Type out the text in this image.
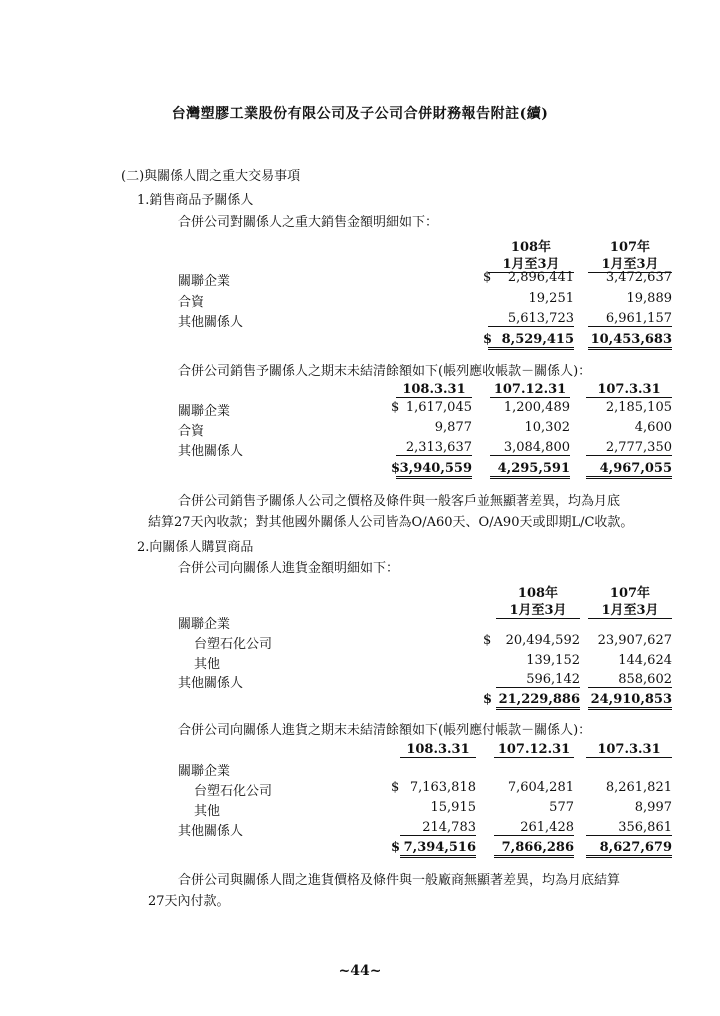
台灣塑膠工業股份有限公司及子公司合併財務報告附註(續)
(二)與關係人間之重大交易事項
1.銷售商品予關係人
合併公司對關係人之重大銷售金額明細如下：
108年	107年
1月至3月	1月至3月
關聯企業	$	2,896,441	3,472,637
合資	19,251	19,889
其他關係人	5,613,723	6,961,157
$ 8,529,415 10,453,683
合併公司銷售予關係人之期末未結清餘額如下(帳列應收帳款－關係人)：
108.3.31	107.12.31	107.3.31
關聯企業	$ 1,617,045	1,200,489	2,185,105
合資	9,877	10,302	4,600
其他關係人	2,313,637	3,084,800	2,777,350
$ 3,940,559	4,295,591	4,967,055
合併公司銷售予關係人公司之價格及條件與一般客戶並無顯著差異，均為月底
結算27天內收款；對其他國外關係人公司皆為O/A60天、O/A90天或即期L/C收款。
2.向關係人購買商品
合併公司向關係人進貨金額明細如下：
108年	107年
1月至3月	1月至3月
關聯企業
台塑石化公司	$	20,494,592	23,907,627
其他	139,152	144,624
其他關係人	596,142	858,602
$ 21,229,886 24,910,853
合併公司向關係人進貨之期末未結清餘額如下(帳列應付帳款－關係人)：
108.3.31	107.12.31	107.3.31
關聯企業
台塑石化公司	$ 7,163,818	7,604,281	8,261,821
其他	15,915	577	8,997
其他關係人	214,783	261,428	356,861
$ 7,394,516	7,866,286	8,627,679
合併公司與關係人間之進貨價格及條件與一般廠商無顯著差異，均為月底結算
27天內付款。
~44~
